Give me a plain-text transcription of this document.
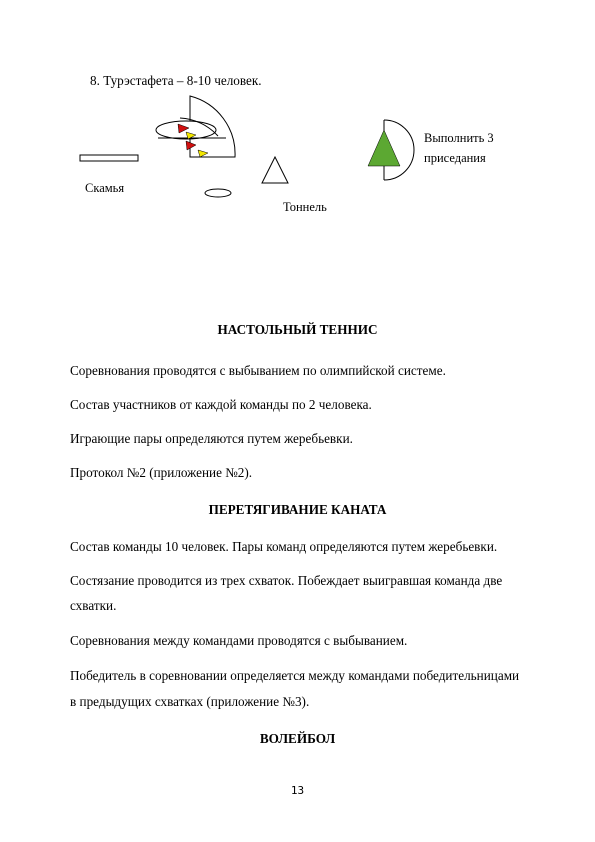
8. Турэстафета – 8-10 человек.
Скамья
Тоннель
Выполнить 3
приседания
НАСТОЛЬНЫЙ ТЕННИС
Соревнования проводятся с выбыванием по олимпийской системе.
Состав участников от каждой команды по 2 человека.
Играющие пары определяются путем жеребьевки.
Протокол №2 (приложение №2).
ПЕРЕТЯГИВАНИЕ КАНАТА
Состав команды 10 человек. Пары команд определяются путем жеребьевки.
Состязание проводится из трех схваток. Побеждает выигравшая команда две
схватки.
Соревнования между командами проводятся с выбыванием.
Победитель в соревновании определяется между командами победительницами
в предыдущих схватках (приложение №3).
ВОЛЕЙБОЛ
13
